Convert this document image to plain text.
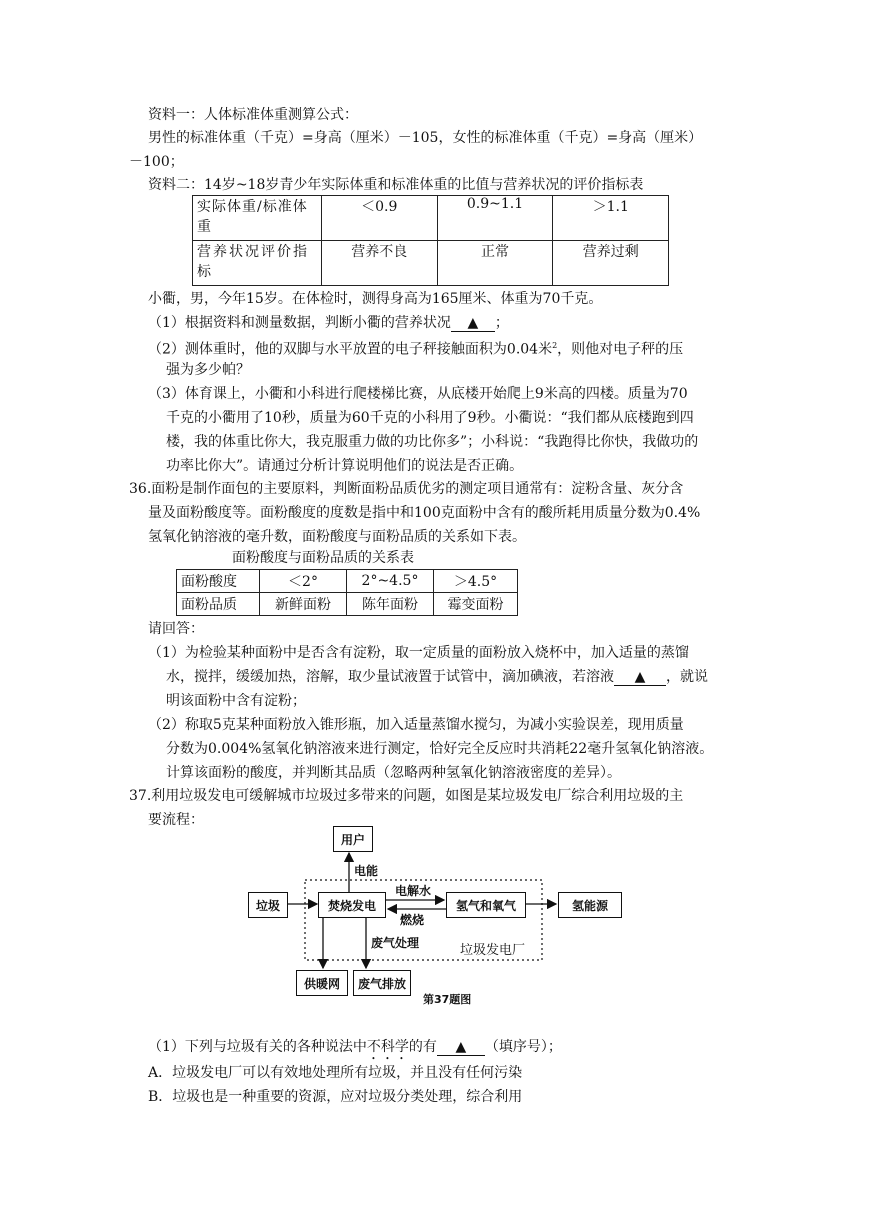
资料一：人体标准体重测算公式：
男性的标准体重（千克）=身高（厘米）－105，女性的标准体重（千克）=身高（厘米）
－100；
资料二：14岁~18岁青少年实际体重和标准体重的比值与营养状况的评价指标表
实际体重/标准体重	＜0.9	0.9~1.1	＞1.1
营养状况评价指标	营养不良	正常	营养过剩
小衢，男，今年15岁。在体检时，测得身高为165厘米、体重为70千克。
（1）根据资料和测量数据，判断小衢的营养状况 ▲ ；
（2）测体重时，他的双脚与水平放置的电子秤接触面积为0.04米$^2$，则他对电子秤的压
强为多少帕？
（3）体育课上，小衢和小科进行爬楼梯比赛，从底楼开始爬上9米高的四楼。质量为70
千克的小衢用了10秒，质量为60千克的小科用了9秒。小衢说：“我们都从底楼跑到四
楼，我的体重比你大，我克服重力做的功比你多”；小科说：“我跑得比你快，我做功的
功率比你大”。请通过分析计算说明他们的说法是否正确。
36.面粉是制作面包的主要原料，判断面粉品质优劣的测定项目通常有：淀粉含量、灰分含
量及面粉酸度等。面粉酸度的度数是指中和100克面粉中含有的酸所耗用质量分数为0.4%
氢氧化钠溶液的毫升数，面粉酸度与面粉品质的关系如下表。
面粉酸度与面粉品质的关系表
面粉酸度	＜2°	2°~4.5°	＞4.5°
面粉品质	新鲜面粉	陈年面粉	霉变面粉
请回答：
（1）为检验某种面粉中是否含有淀粉，取一定质量的面粉放入烧杯中，加入适量的蒸馏
水，搅拌，缓缓加热，溶解，取少量试液置于试管中，滴加碘液，若溶液 ▲ ，就说
明该面粉中含有淀粉；
（2）称取5克某种面粉放入锥形瓶，加入适量蒸馏水搅匀，为减小实验误差，现用质量
分数为0.004%氢氧化钠溶液来进行测定，恰好完全反应时共消耗22毫升氢氧化钠溶液。
计算该面粉的酸度，并判断其品质（忽略两种氢氧化钠溶液密度的差异）。
37.利用垃圾发电可缓解城市垃圾过多带来的问题，如图是某垃圾发电厂综合利用垃圾的主
要流程：
用户
电能
垃圾	焚烧发电
电解水
燃烧
氢气和氧气	氢能源
废气处理	垃圾发电厂
供暖网	废气排放
第37题图
（1）下列与垃圾有关的各种说法中不科学的有 ▲ （填序号）；
A．垃圾发电厂可以有效地处理所有垃圾，并且没有任何污染
B．垃圾也是一种重要的资源，应对垃圾分类处理，综合利用
